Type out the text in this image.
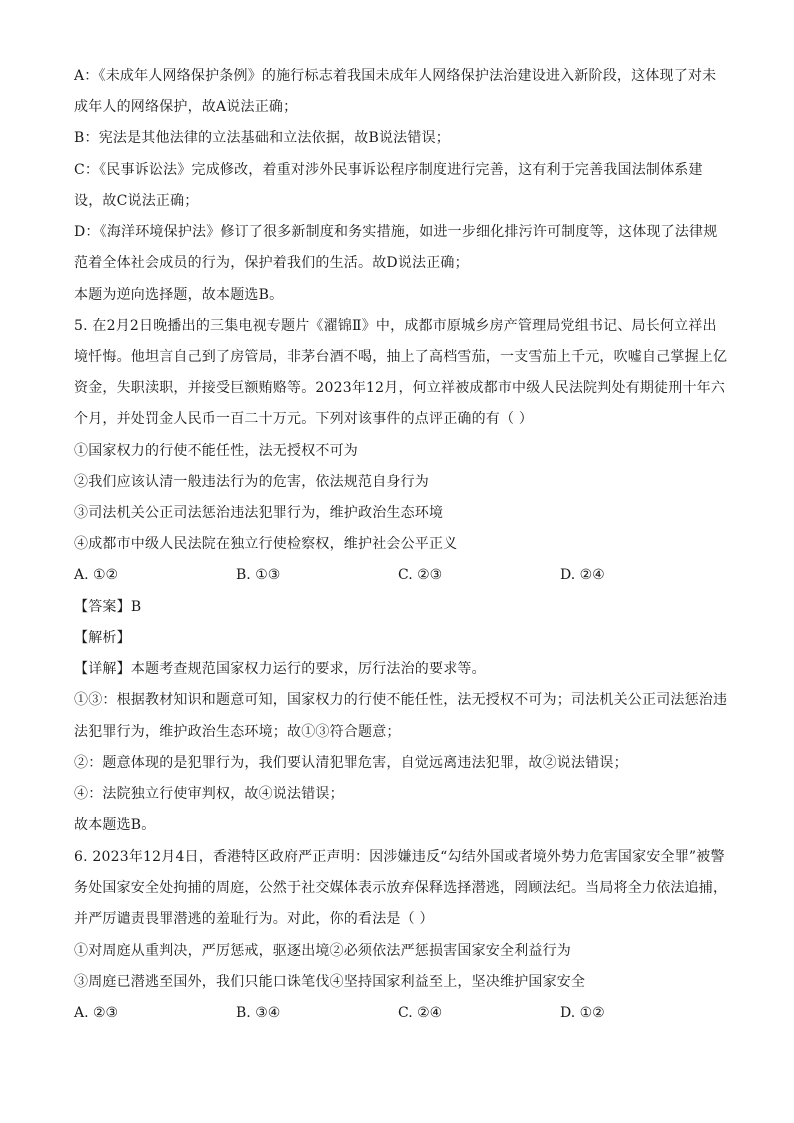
A：《未成年人网络保护条例》的施行标志着我国未成年人网络保护法治建设进入新阶段，这体现了对未
成年人的网络保护，故A说法正确；
B：宪法是其他法律的立法基础和立法依据，故B说法错误；
C：《民事诉讼法》完成修改，着重对涉外民事诉讼程序制度进行完善，这有利于完善我国法制体系建
设，故C说法正确；
D：《海洋环境保护法》修订了很多新制度和务实措施，如进一步细化排污许可制度等，这体现了法律规
范着全体社会成员的行为，保护着我们的生活。故D说法正确；
本题为逆向选择题，故本题选B。
5. 在2月2日晚播出的三集电视专题片《濯锦Ⅱ》中，成都市原城乡房产管理局党组书记、局长何立祥出
境忏悔。他坦言自己到了房管局，非茅台酒不喝，抽上了高档雪茄，一支雪茄上千元，吹嘘自己掌握上亿
资金，失职渎职，并接受巨额贿赂等。2023年12月，何立祥被成都市中级人民法院判处有期徒刑十年六
个月，并处罚金人民币一百二十万元。下列对该事件的点评正确的有（ ）
①国家权力的行使不能任性，法无授权不可为
②我们应该认清一般违法行为的危害，依法规范自身行为
③司法机关公正司法惩治违法犯罪行为，维护政治生态环境
④成都市中级人民法院在独立行使检察权，维护社会公平正义
A. ①②	B. ①③	C. ②③	D. ②④
【答案】B
【解析】
【详解】本题考查规范国家权力运行的要求，厉行法治的要求等。
①③：根据教材知识和题意可知，国家权力的行使不能任性，法无授权不可为；司法机关公正司法惩治违
法犯罪行为，维护政治生态环境；故①③符合题意；
②：题意体现的是犯罪行为，我们要认清犯罪危害，自觉远离违法犯罪，故②说法错误；
④：法院独立行使审判权，故④说法错误；
故本题选B。
6. 2023年12月4日，香港特区政府严正声明：因涉嫌违反“勾结外国或者境外势力危害国家安全罪”被警
务处国家安全处拘捕的周庭，公然于社交媒体表示放弃保释选择潜逃，罔顾法纪。当局将全力依法追捕，
并严厉谴责畏罪潜逃的羞耻行为。对此，你的看法是（ ）
①对周庭从重判决，严厉惩戒，驱逐出境②必须依法严惩损害国家安全利益行为
③周庭已潜逃至国外，我们只能口诛笔伐④坚持国家利益至上，坚决维护国家安全
A. ②③	B. ③④	C. ②④	D. ①②
